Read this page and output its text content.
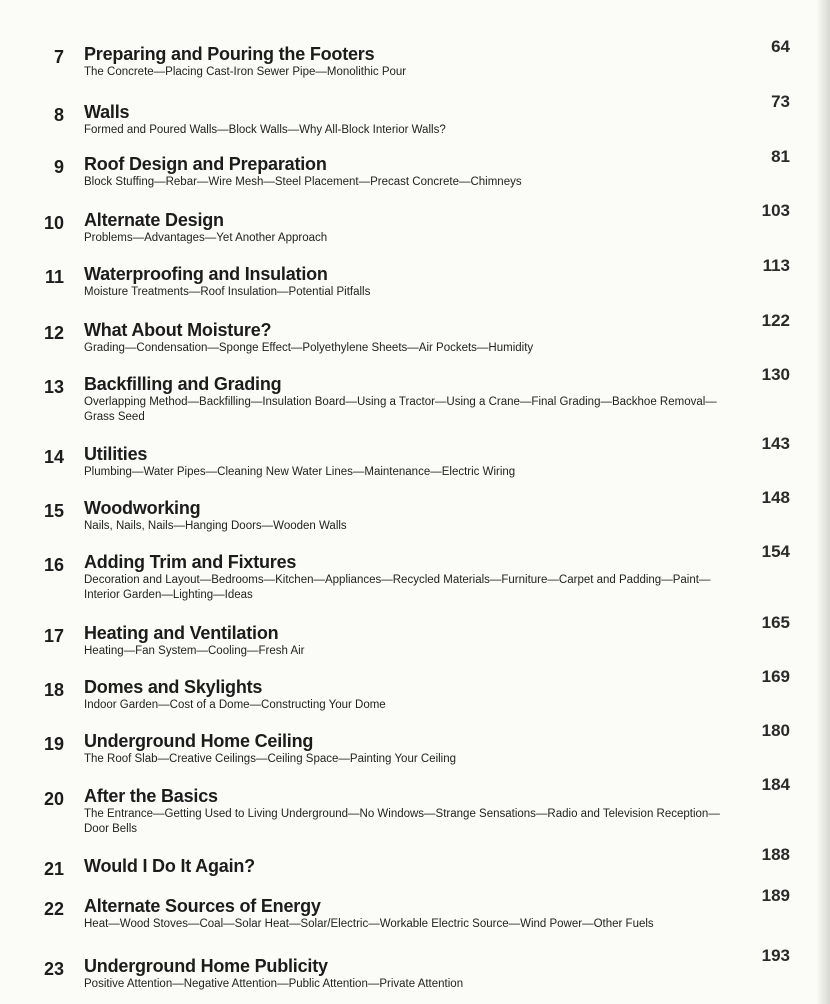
7 Preparing and Pouring the Footers
The Concrete—Placing Cast-Iron Sewer Pipe—Monolithic Pour
64
8 Walls
Formed and Poured Walls—Block Walls—Why All-Block Interior Walls?
73
9 Roof Design and Preparation
Block Stuffing—Rebar—Wire Mesh—Steel Placement—Precast Concrete—Chimneys
81
10 Alternate Design
Problems—Advantages—Yet Another Approach
103
11 Waterproofing and Insulation
Moisture Treatments—Roof Insulation—Potential Pitfalls
113
12 What About Moisture?
Grading—Condensation—Sponge Effect—Polyethylene Sheets—Air Pockets—Humidity
122
13 Backfilling and Grading
Overlapping Method—Backfilling—Insulation Board—Using a Tractor—Using a Crane—Final Grading—Backhoe Removal—Grass Seed
130
14 Utilities
Plumbing—Water Pipes—Cleaning New Water Lines—Maintenance—Electric Wiring
143
15 Woodworking
Nails, Nails, Nails—Hanging Doors—Wooden Walls
148
16 Adding Trim and Fixtures
Decoration and Layout—Bedrooms—Kitchen—Appliances—Recycled Materials—Furniture—Carpet and Padding—Paint—Interior Garden—Lighting—Ideas
154
17 Heating and Ventilation
Heating—Fan System—Cooling—Fresh Air
165
18 Domes and Skylights
Indoor Garden—Cost of a Dome—Constructing Your Dome
169
19 Underground Home Ceiling
The Roof Slab—Creative Ceilings—Ceiling Space—Painting Your Ceiling
180
20 After the Basics
The Entrance—Getting Used to Living Underground—No Windows—Strange Sensations—Radio and Television Reception—Door Bells
184
21 Would I Do It Again?
188
22 Alternate Sources of Energy
Heat—Wood Stoves—Coal—Solar Heat—Solar/Electric—Workable Electric Source—Wind Power—Other Fuels
189
23 Underground Home Publicity
Positive Attention—Negative Attention—Public Attention—Private Attention
193
